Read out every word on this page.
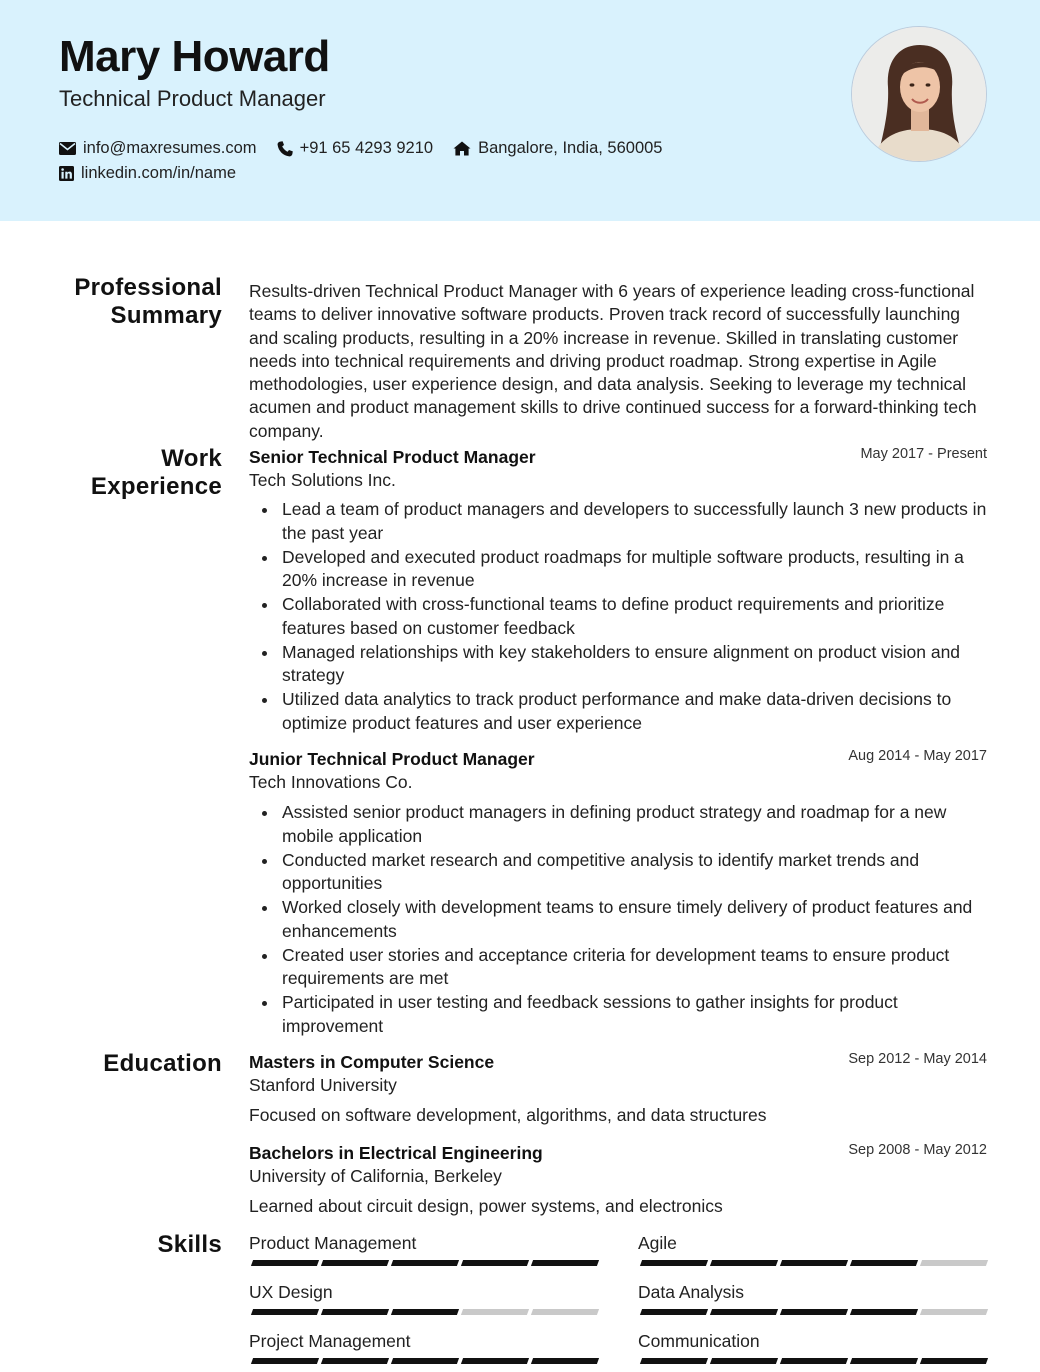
Mary Howard
Technical Product Manager
info@maxresumes.com	+91 65 4293 9210	Bangalore, India, 560005
linkedin.com/in/name
Professional Summary
Results-driven Technical Product Manager with 6 years of experience leading cross-functional teams to deliver innovative software products. Proven track record of successfully launching and scaling products, resulting in a 20% increase in revenue. Skilled in translating customer needs into technical requirements and driving product roadmap. Strong expertise in Agile methodologies, user experience design, and data analysis. Seeking to leverage my technical acumen and product management skills to drive continued success for a forward-thinking tech company.
Work Experience
Senior Technical Product Manager	May 2017 - Present
Tech Solutions Inc.
Lead a team of product managers and developers to successfully launch 3 new products in the past year
Developed and executed product roadmaps for multiple software products, resulting in a 20% increase in revenue
Collaborated with cross-functional teams to define product requirements and prioritize features based on customer feedback
Managed relationships with key stakeholders to ensure alignment on product vision and strategy
Utilized data analytics to track product performance and make data-driven decisions to optimize product features and user experience
Junior Technical Product Manager	Aug 2014 - May 2017
Tech Innovations Co.
Assisted senior product managers in defining product strategy and roadmap for a new mobile application
Conducted market research and competitive analysis to identify market trends and opportunities
Worked closely with development teams to ensure timely delivery of product features and enhancements
Created user stories and acceptance criteria for development teams to ensure product requirements are met
Participated in user testing and feedback sessions to gather insights for product improvement
Education Masters in Computer Science	Sep 2012 - May 2014
Stanford University
Focused on software development, algorithms, and data structures
Bachelors in Electrical Engineering	Sep 2008 - May 2012
University of California, Berkeley
Learned about circuit design, power systems, and electronics
Skills Product Management	Agile
UX Design	Data Analysis
Project Management	Communication
